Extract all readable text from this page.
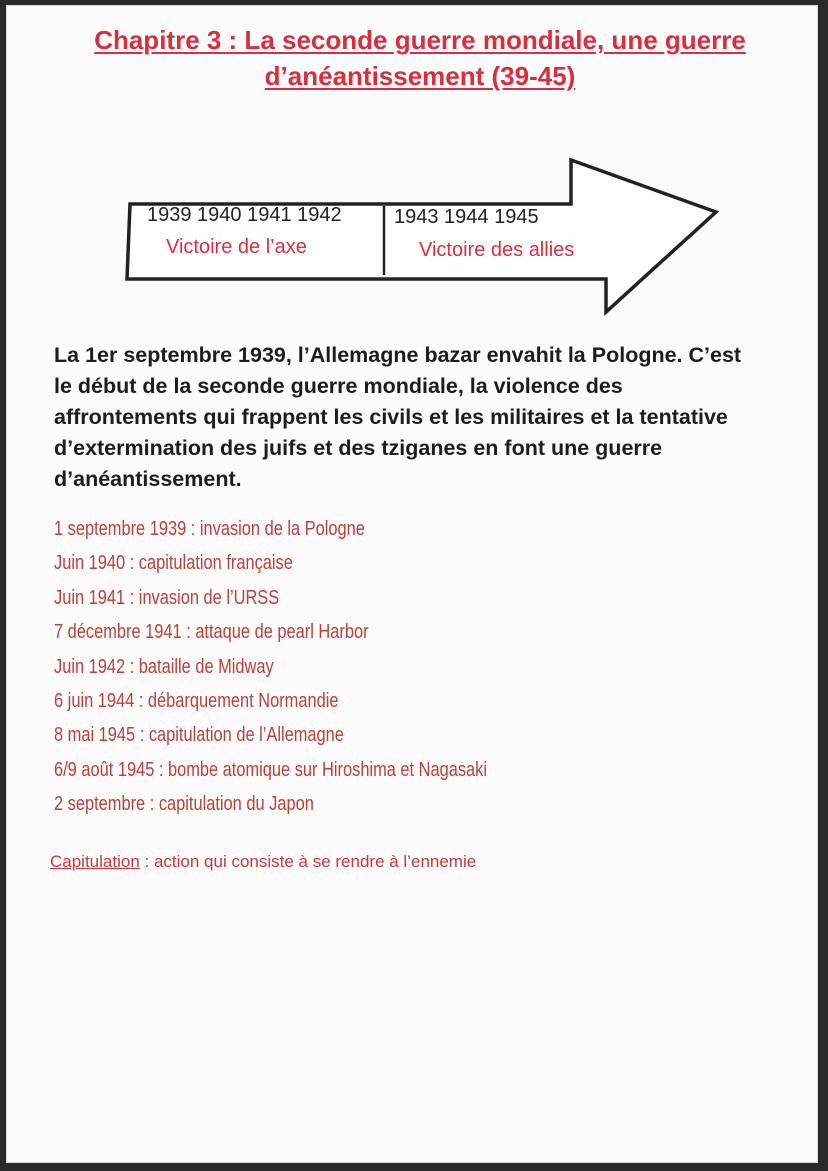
Chapitre 3 : La seconde guerre mondiale, une guerre
d’anéantissement (39-45)
1939 1940 1941 1942	1943 1944 1945
Victoire de l’axe	Victoire des allies
La 1er septembre 1939, l’Allemagne bazar envahit la Pologne. C’est le début de la seconde guerre mondiale, la violence des affrontements qui frappent les civils et les militaires et la tentative d’extermination des juifs et des tziganes en font une guerre d’anéantissement.
1 septembre 1939 : invasion de la Pologne
Juin 1940 : capitulation française
Juin 1941 : invasion de l’URSS
7 décembre 1941 : attaque de pearl Harbor
Juin 1942 : bataille de Midway
6 juin 1944 : débarquement Normandie
8 mai 1945 : capitulation de l’Allemagne
6/9 août 1945 : bombe atomique sur Hiroshima et Nagasaki
2 septembre : capitulation du Japon
Capitulation : action qui consiste à se rendre à l’ennemie
